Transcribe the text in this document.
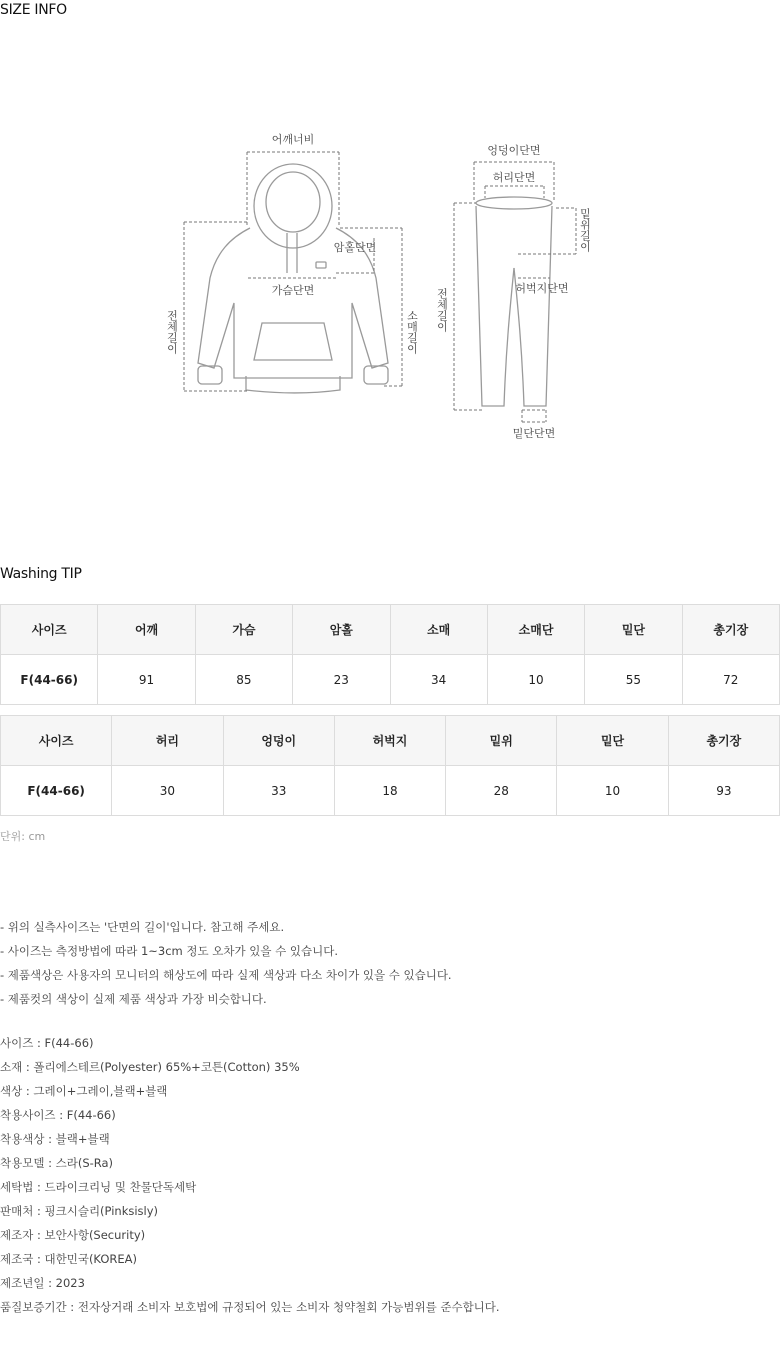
SIZE INFO
어깨너비
암홀단면
가슴단면
소매길이
전체길이
엉덩이단면
허리단면
밑위길이
허벅지단면
밑단단면
전체길이
Washing TIP
사이즈	어깨	가슴	암홀	소매	소매단	밑단	총기장
F(44-66)	91	85	23	34	10	55	72
사이즈	허리	엉덩이	허벅지	밑위	밑단	총기장
F(44-66)	30	33	18	28	10	93
단위: cm
- 위의 실측사이즈는 '단면의 길이'입니다. 참고해 주세요.
- 사이즈는 측정방법에 따라 1~3cm 정도 오차가 있을 수 있습니다.
- 제품색상은 사용자의 모니터의 해상도에 따라 실제 색상과 다소 차이가 있을 수 있습니다.
- 제품컷의 색상이 실제 제품 색상과 가장 비슷합니다.
사이즈 : F(44-66)
소재 : 폴리에스테르(Polyester) 65%+코튼(Cotton) 35%
색상 : 그레이+그레이,블랙+블랙
착용사이즈 : F(44-66)
착용색상 : 블랙+블랙
착용모델 : 스라(S-Ra)
세탁법 : 드라이크리닝 및 찬물단독세탁
판매처 : 핑크시슬리(Pinksisly)
제조자 : 보안사항(Security)
제조국 : 대한민국(KOREA)
제조년일 : 2023
품질보증기간 : 전자상거래 소비자 보호법에 규정되어 있는 소비자 청약철회 가능범위를 준수합니다.
